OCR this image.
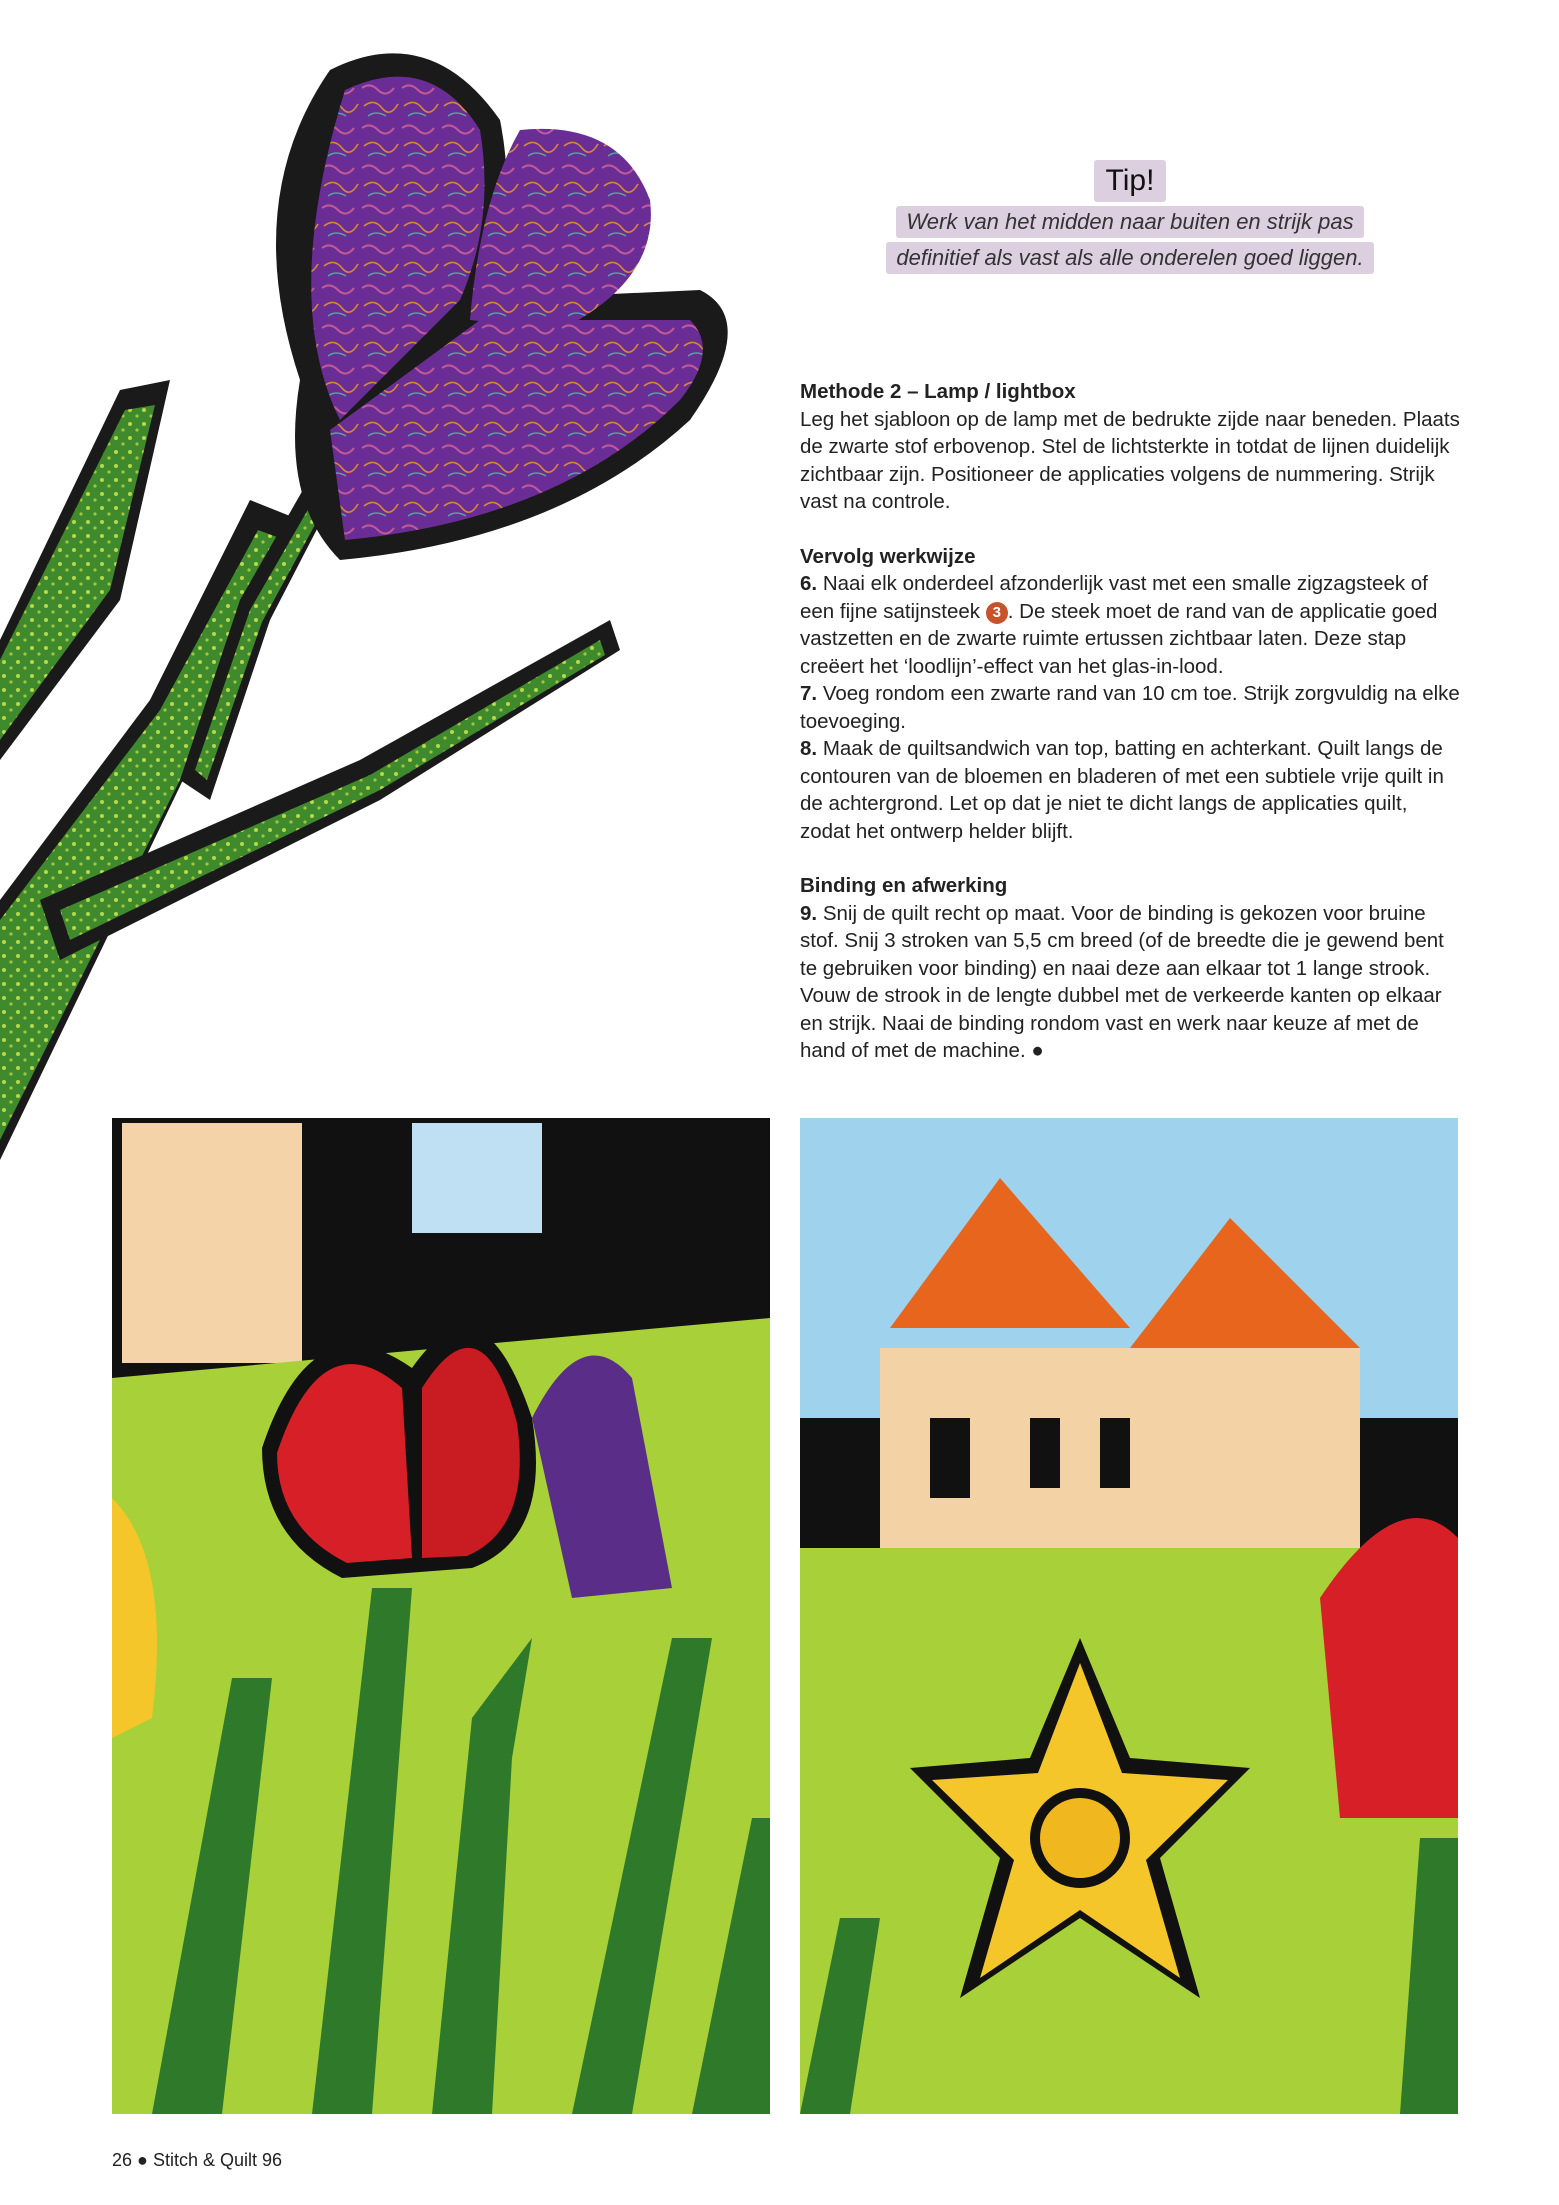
Tip!
Werk van het midden naar buiten en strijk pas
definitief als vast als alle onderelen goed liggen.
Methode 2 – Lamp / lightbox

Leg het sjabloon op de lamp met de bedrukte zijde naar beneden. Plaats de zwarte stof erbovenop. Stel de lichtsterkte in totdat de lijnen duidelijk zichtbaar zijn. Positioneer de applicaties volgens de nummering. Strijk vast na controle.

Vervolg werkwijze

6. Naai elk onderdeel afzonderlijk vast met een smalle zigzagsteek of een fijne satijnsteek 3 . De steek moet de rand van de applicatie goed vastzetten en de zwarte ruimte ertussen zichtbaar laten. Deze stap creëert het ‘loodlijn’-effect van het glas-in-lood.

7. Voeg rondom een zwarte rand van 10 cm toe. Strijk zorgvuldig na elke toevoeging.

8. Maak de quiltsandwich van top, batting en achterkant. Quilt langs de contouren van de bloemen en bladeren of met een subtiele vrije quilt in de achtergrond. Let op dat je niet te dicht langs de applicaties quilt, zodat het ontwerp helder blijft.

Binding en afwerking

9. Snij de quilt recht op maat. Voor de binding is gekozen voor bruine stof. Snij 3 stroken van 5,5 cm breed (of de breedte die je gewend bent te gebruiken voor binding) en naai deze aan elkaar tot 1 lange strook. Vouw de strook in de lengte dubbel met de verkeerde kanten op elkaar en strijk. Naai de binding rondom vast en werk naar keuze af met de hand of met de machine. ●

26 ● Stitch & Quilt 96
